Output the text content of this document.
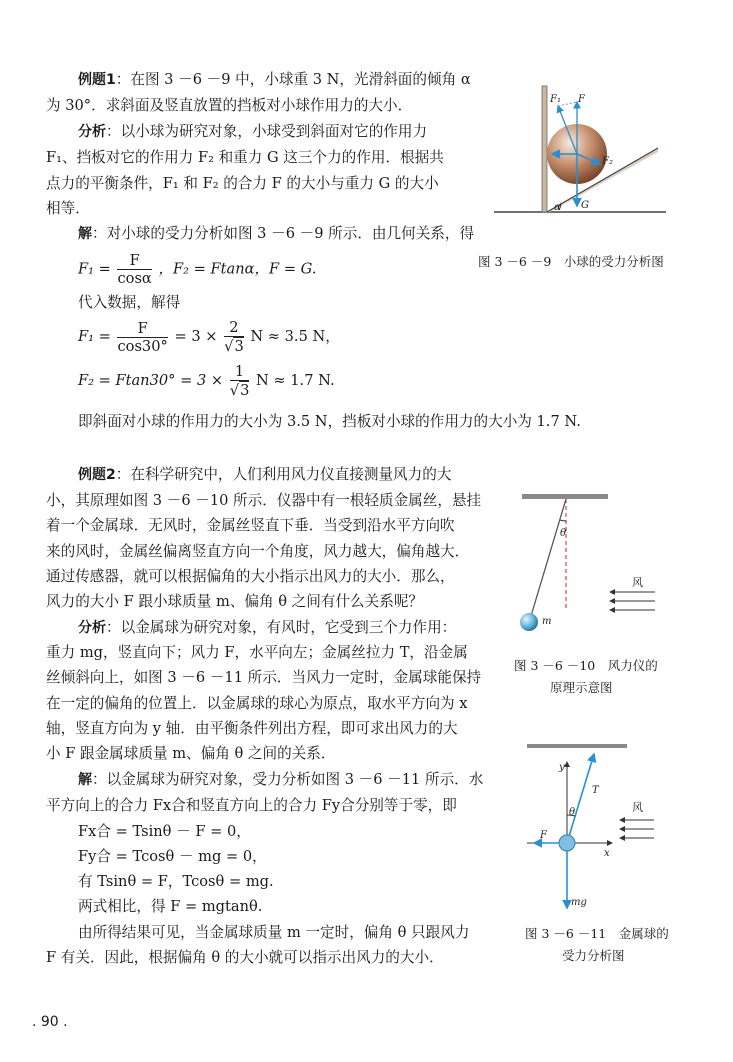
例题1：在图 3 －6 －9 中，小球重 3 N，光滑斜面的倾角 α
为 30°．求斜面及竖直放置的挡板对小球作用力的大小．
分析：以小球为研究对象，小球受到斜面对它的作用力
F₁、挡板对它的作用力 F₂ 和重力 G 这三个力的作用．根据共
点力的平衡条件，F₁ 和 F₂ 的合力 F 的大小与重力 G 的大小
相等．
解：对小球的受力分析如图 3 －6 －9 所示．由几何关系，得
$F_1 = \frac{F}{\cos\alpha}$ ，F₂ = Ftanα，F = G.
代入数据，解得
$F_1 = \frac{F}{\cos 30^\circ} = 3 \times \frac{2}{√3}$ N ≈ 3.5 N，
$F_2 = Ftan30^\circ = 3 \times \frac{1}{√3}$ N ≈ 1.7 N.
即斜面对小球的作用力的大小为 3.5 N，挡板对小球的作用力的大小为 1.7 N.
F₁ F
F₂
G
α
图 3 －6 －9　小球的受力分析图
例题2：在科学研究中，人们利用风力仪直接测量风力的大
小，其原理如图 3 －6 －10 所示．仪器中有一根轻质金属丝，悬挂
着一个金属球．无风时，金属丝竖直下垂．当受到沿水平方向吹
来的风时，金属丝偏离竖直方向一个角度，风力越大，偏角越大．
通过传感器，就可以根据偏角的大小指示出风力的大小．那么，
风力的大小 F 跟小球质量 m、偏角 θ 之间有什么关系呢？
分析：以金属球为研究对象，有风时，它受到三个力作用：
重力 mg，竖直向下；风力 F，水平向左；金属丝拉力 T，沿金属
丝倾斜向上，如图 3 －6 －11 所示．当风力一定时，金属球能保持
在一定的偏角的位置上．以金属球的球心为原点，取水平方向为 x
轴，竖直方向为 y 轴．由平衡条件列出方程，即可求出风力的大
小 F 跟金属球质量 m、偏角 θ 之间的关系．
解：以金属球为研究对象，受力分析如图 3 －6 －11 所示．水
平方向上的合力 Fx合和竖直方向上的合力 Fy合分别等于零，即
Fx合 = Tsinθ － F = 0，
Fy合 = Tcosθ － mg = 0，
有 Tsinθ = F，Tcosθ = mg.
两式相比，得 F = mgtanθ.
由所得结果可见，当金属球质量 m 一定时，偏角 θ 只跟风力
F 有关．因此，根据偏角 θ 的大小就可以指示出风力的大小．
θ
m
风
图 3 －6 －10　风力仪的
原理示意图
y
T
θ	风
F
x
mg
图 3 －6 －11　金属球的
受力分析图
. 90 .
